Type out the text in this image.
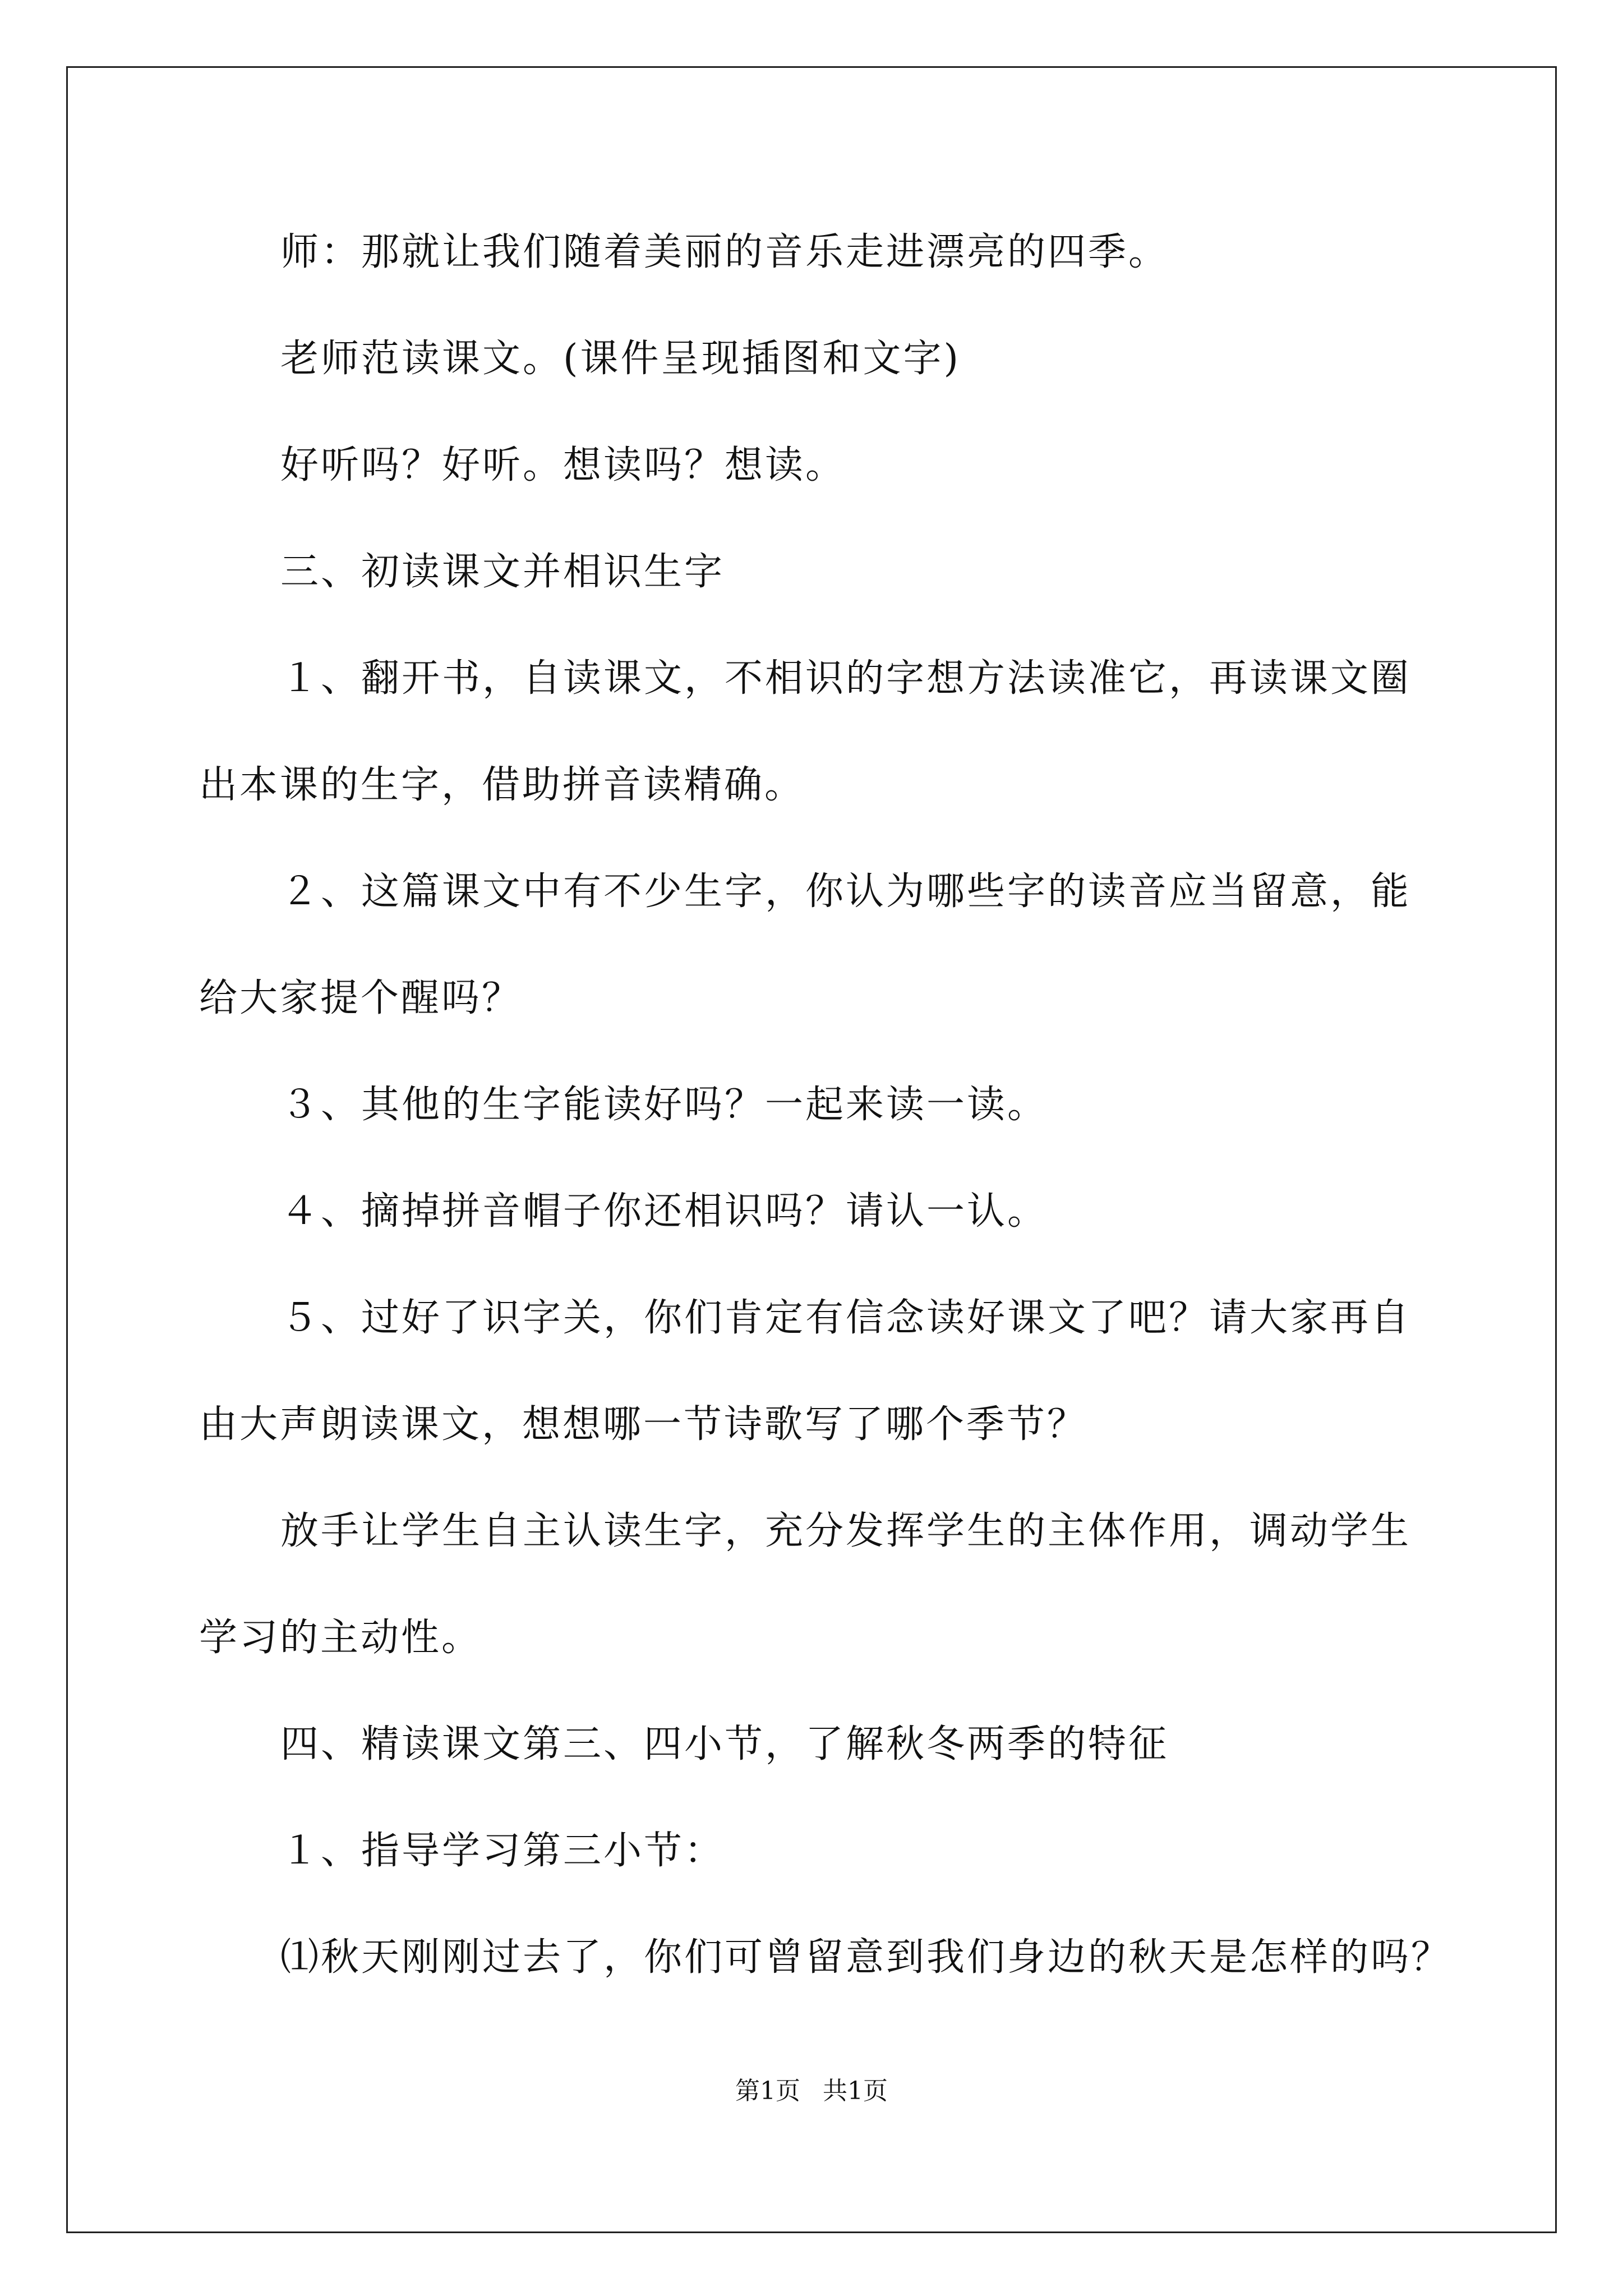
师：那就让我们随着美丽的音乐走进漂亮的四季。
老师范读课文。(课件呈现插图和文字)
好听吗？好听。想读吗？想读。
三、初读课文并相识生字
１、翻开书，自读课文，不相识的字想方法读准它，再读课文圈
出本课的生字，借助拼音读精确。
２、这篇课文中有不少生字，你认为哪些字的读音应当留意，能
给大家提个醒吗？
３、其他的生字能读好吗？一起来读一读。
４、摘掉拼音帽子你还相识吗？请认一认。
５、过好了识字关，你们肯定有信念读好课文了吧？请大家再自
由大声朗读课文，想想哪一节诗歌写了哪个季节？
放手让学生自主认读生字，充分发挥学生的主体作用，调动学生
学习的主动性。
四、精读课文第三、四小节，了解秋冬两季的特征
１、指导学习第三小节：
⑴秋天刚刚过去了，你们可曾留意到我们身边的秋天是怎样的吗？
第1页 共1页
